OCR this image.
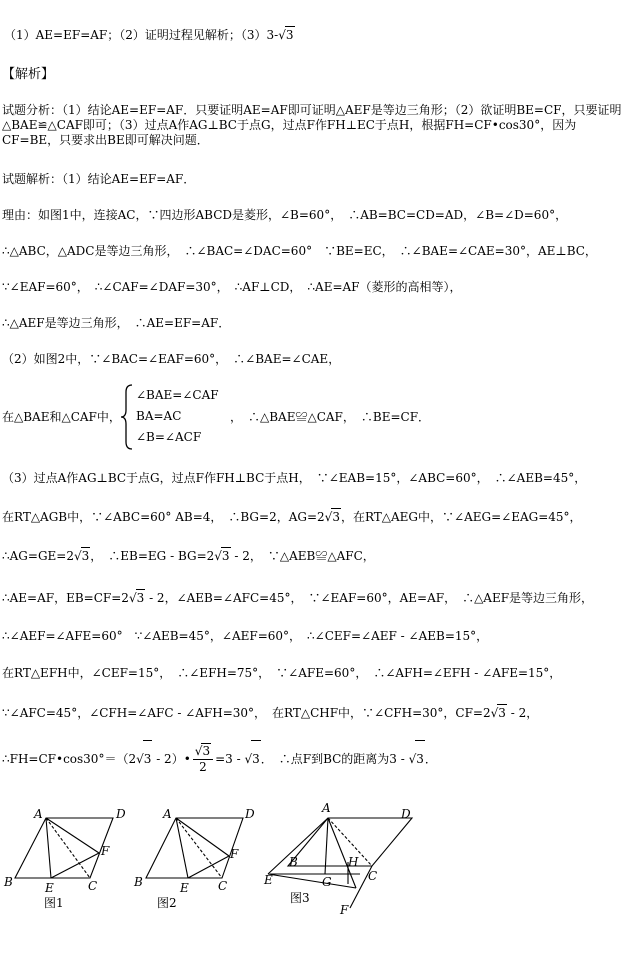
（1）AE=EF=AF；（2）证明过程见解析；（3）3-√3
【解析】
试题分析：（1）结论AE=EF=AF．只要证明AE=AF即可证明△AEF是等边三角形；（2）欲证明BE=CF，只要证明△BAE≌△CAF即可；（3）过点A作AG⊥BC于点G，过点F作FH⊥EC于点H，根据FH=CF•cos30°，因为CF=BE，只要求出BE即可解决问题．
试题解析：（1）结论AE=EF=AF．
理由：如图1中，连接AC，∵四边形ABCD是菱形，∠B=60°，　∴AB=BC=CD=AD，∠B=∠D=60°，
∴△ABC，△ADC是等边三角形，　∴∠BAC=∠DAC=60°　∵BE=EC，　∴∠BAE=∠CAE=30°，AE⊥BC，
∵∠EAF=60°，　∴∠CAF=∠DAF=30°，　∴AF⊥CD，　∴AE=AF（菱形的高相等），
∴△AEF是等边三角形，　∴AE=EF=AF．
（2）如图2中，∵∠BAC=∠EAF=60°，　∴∠BAE=∠CAE，
在△BAE和△CAF中，
∠BAE=∠CAF
BA=AC
∠B=∠ACF
，　∴△BAE≌△CAF，　∴BE=CF．
（3）过点A作AG⊥BC于点G，过点F作FH⊥BC于点H，　∵∠EAB=15°，∠ABC=60°，　∴∠AEB=45°，
在RT△AGB中，∵∠ABC=60° AB=4，　∴BG=2，AG=2√3，在RT△AEG中，∵∠AEG=∠EAG=45°，
∴AG=GE=2√3，　∴EB=EG - BG=2√3 - 2，　∵△AEB≌△AFC，
∴AE=AF，EB=CF=2√3 - 2，∠AEB=∠AFC=45°，　∵∠EAF=60°，AE=AF，　∴△AEF是等边三角形，
∴∠AEF=∠AFE=60°　∵∠AEB=45°，∠AEF=60°，　∴∠CEF=∠AEF - ∠AEB=15°，
在RT△EFH中，∠CEF=15°，　∴∠EFH=75°，　∵∠AFE=60°，　∴∠AFH=∠EFH - ∠AFE=15°，
∵∠AFC=45°，∠CFH=∠AFC - ∠AFH=30°，　在RT△CHF中，∵∠CFH=30°，CF=2√3 - 2，
∴FH=CF•cos30°＝（2√3 - 2）• $\frac{√3}{2} =3 - √3$．　∴点F到BC的距离为3 - √3．
A	D
F
B	E	C
图1
A	D
F
B	E C
图2
A	D
B	H
C
E	G
F
图3
